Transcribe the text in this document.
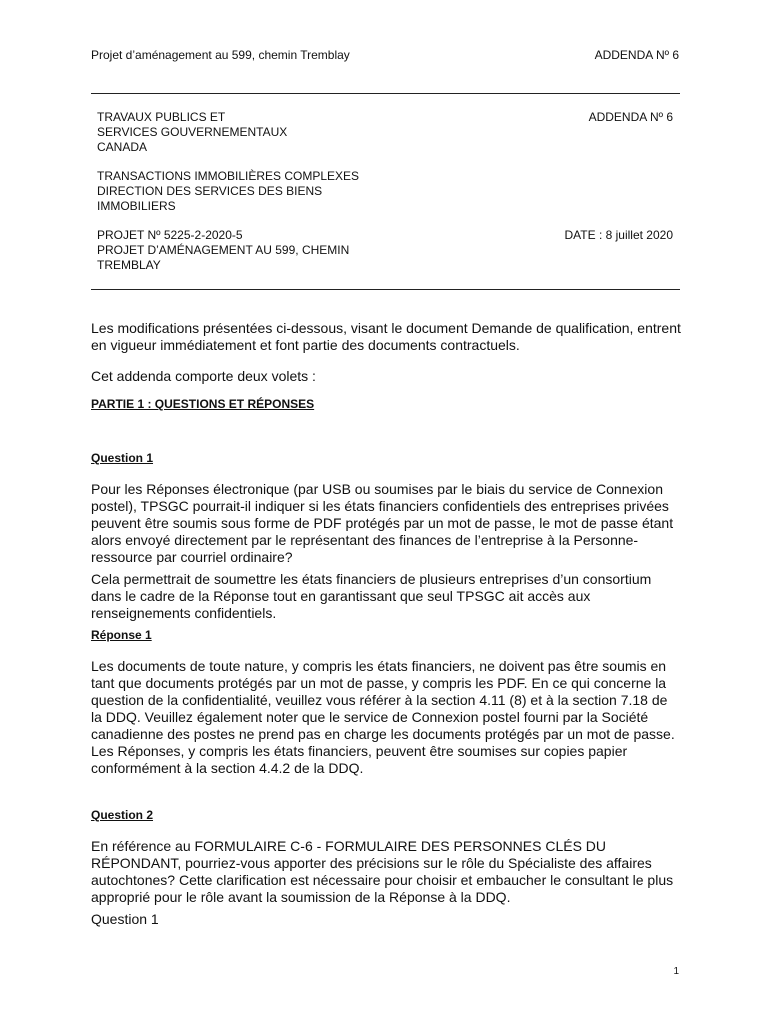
Projet d’aménagement au 599, chemin Tremblay	ADDENDA Nº 6
TRAVAUX PUBLICS ET
SERVICES GOUVERNEMENTAUX
CANADA
ADDENDA Nº 6
TRANSACTIONS IMMOBILIÈRES COMPLEXES
DIRECTION DES SERVICES DES BIENS
IMMOBILIERS
PROJET Nº 5225-2-2020-5
PROJET D’AMÉNAGEMENT AU 599, CHEMIN
TREMBLAY
DATE : 8 juillet 2020

Les modifications présentées ci-dessous, visant le document Demande de qualification, entrent en vigueur immédiatement et font partie des documents contractuels.

Cet addenda comporte deux volets :

PARTIE 1 : QUESTIONS ET RÉPONSES

Question 1

Pour les Réponses électronique (par USB ou soumises par le biais du service de Connexion postel), TPSGC pourrait-il indiquer si les états financiers confidentiels des entreprises privées peuvent être soumis sous forme de PDF protégés par un mot de passe, le mot de passe étant alors envoyé directement par le représentant des finances de l’entreprise à la Personne-ressource par courriel ordinaire?

Cela permettrait de soumettre les états financiers de plusieurs entreprises d’un consortium dans le cadre de la Réponse tout en garantissant que seul TPSGC ait accès aux renseignements confidentiels.

Réponse 1

Les documents de toute nature, y compris les états financiers, ne doivent pas être soumis en tant que documents protégés par un mot de passe, y compris les PDF. En ce qui concerne la question de la confidentialité, veuillez vous référer à la section 4.11 (8) et à la section 7.18 de la DDQ. Veuillez également noter que le service de Connexion postel fourni par la Société canadienne des postes ne prend pas en charge les documents protégés par un mot de passe. Les Réponses, y compris les états financiers, peuvent être soumises sur copies papier conformément à la section 4.4.2 de la DDQ.

Question 2

En référence au FORMULAIRE C-6 - FORMULAIRE DES PERSONNES CLÉS DU RÉPONDANT, pourriez-vous apporter des précisions sur le rôle du Spécialiste des affaires autochtones? Cette clarification est nécessaire pour choisir et embaucher le consultant le plus approprié pour le rôle avant la soumission de la Réponse à la DDQ.

Question 1

1
